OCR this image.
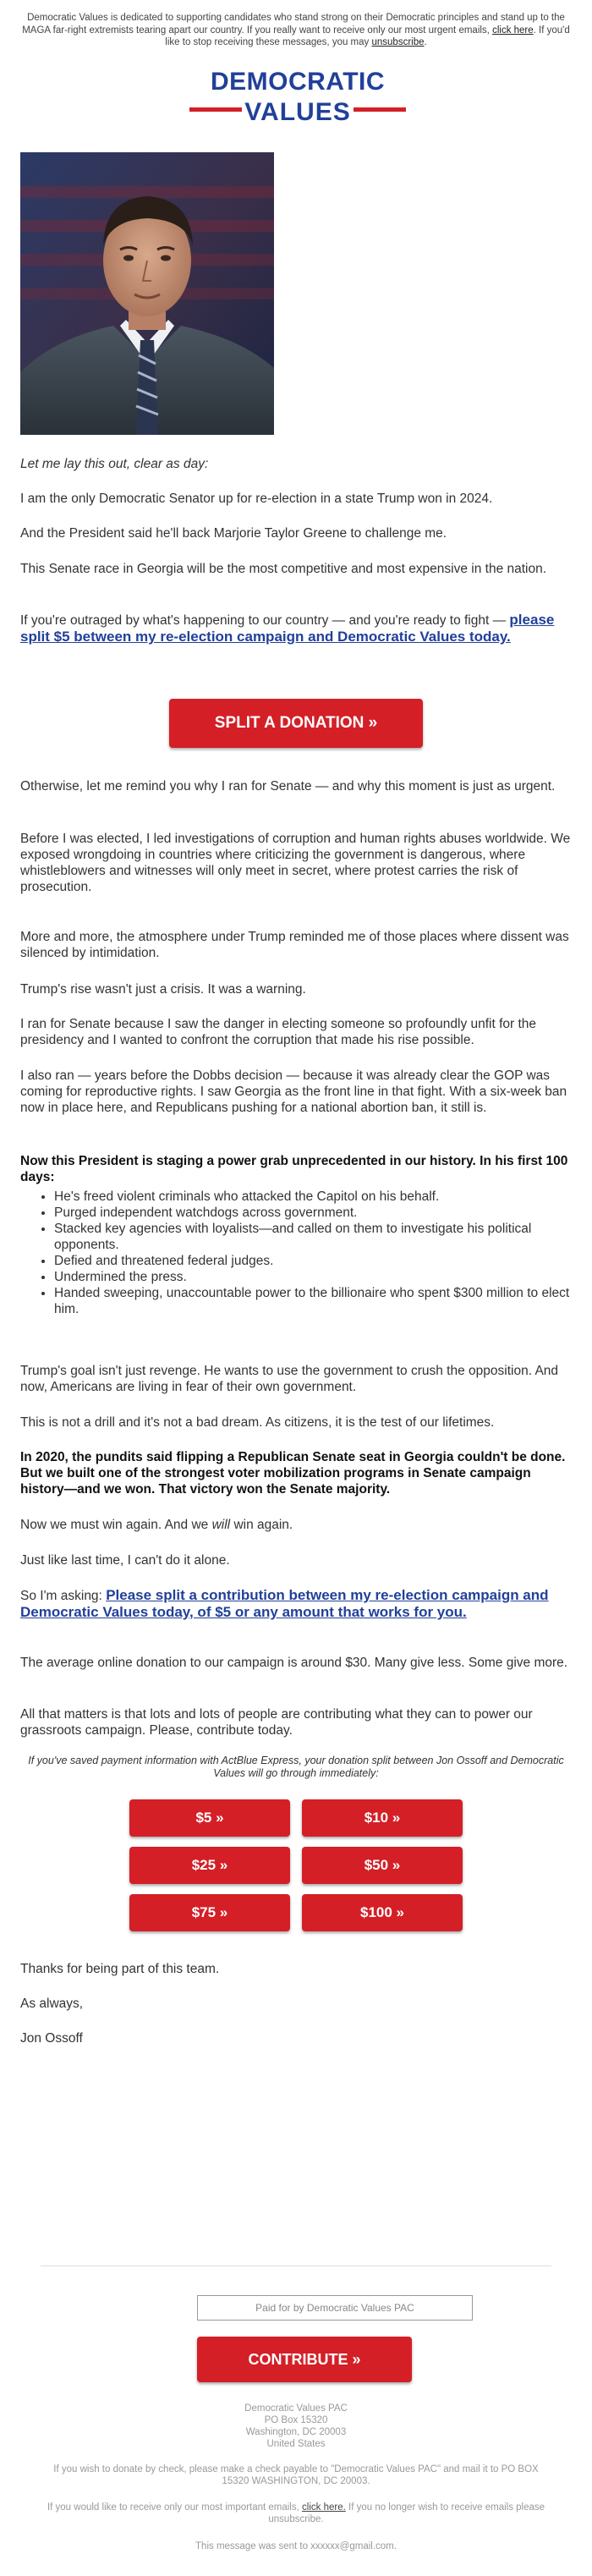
Democratic Values is dedicated to supporting candidates who stand strong on their Democratic principles and stand up to the MAGA far-right extremists tearing apart our country. If you really want to receive only our most urgent emails, click here. If you'd like to stop receiving these messages, you may unsubscribe.
DEMOCRATIC
VALUES

Let me lay this out, clear as day:

I am the only Democratic Senator up for re-election in a state Trump won in 2024.

And the President said he'll back Marjorie Taylor Greene to challenge me.

This Senate race in Georgia will be the most competitive and most expensive in the nation.

If you're outraged by what's happening to our country — and you're ready to fight — please split $5 between my re-election campaign and Democratic Values today.

SPLIT A DONATION »

Otherwise, let me remind you why I ran for Senate — and why this moment is just as urgent.

Before I was elected, I led investigations of corruption and human rights abuses worldwide. We exposed wrongdoing in countries where criticizing the government is dangerous, where whistleblowers and witnesses will only meet in secret, where protest carries the risk of prosecution.

More and more, the atmosphere under Trump reminded me of those places where dissent was silenced by intimidation.

Trump's rise wasn't just a crisis. It was a warning.

I ran for Senate because I saw the danger in electing someone so profoundly unfit for the presidency and I wanted to confront the corruption that made his rise possible.

I also ran — years before the Dobbs decision — because it was already clear the GOP was coming for reproductive rights. I saw Georgia as the front line in that fight. With a six-week ban now in place here, and Republicans pushing for a national abortion ban, it still is.

Now this President is staging a power grab unprecedented in our history. In his first 100 days:

• He's freed violent criminals who attacked the Capitol on his behalf.
• Purged independent watchdogs across government.
• Stacked key agencies with loyalists—and called on them to investigate his political opponents.
• Defied and threatened federal judges.
• Undermined the press.
• Handed sweeping, unaccountable power to the billionaire who spent $300 million to elect him.

Trump's goal isn't just revenge. He wants to use the government to crush the opposition. And now, Americans are living in fear of their own government.

This is not a drill and it's not a bad dream. As citizens, it is the test of our lifetimes.

In 2020, the pundits said flipping a Republican Senate seat in Georgia couldn't be done. But we built one of the strongest voter mobilization programs in Senate campaign history—and we won. That victory won the Senate majority.

Now we must win again. And we will win again.

Just like last time, I can't do it alone.

So I'm asking: Please split a contribution between my re-election campaign and Democratic Values today, of $5 or any amount that works for you.

The average online donation to our campaign is around $30. Many give less. Some give more.

All that matters is that lots and lots of people are contributing what they can to power our grassroots campaign. Please, contribute today.

If you've saved payment information with ActBlue Express, your donation split between Jon Ossoff and Democratic Values will go through immediately:
$5 »	$10 »
$25 »	$50 »
$75 »	$100 »

Thanks for being part of this team.

As always,

Jon Ossoff

Paid for by Democratic Values PAC
CONTRIBUTE »
Democratic Values PAC
PO Box 15320
Washington, DC 20003
United States
If you wish to donate by check, please make a check payable to "Democratic Values PAC" and mail it to PO BOX 15320 WASHINGTON, DC 20003.
If you would like to receive only our most important emails, click here. If you no longer wish to receive emails please unsubscribe.
This message was sent to xxxxxx@gmail.com.
